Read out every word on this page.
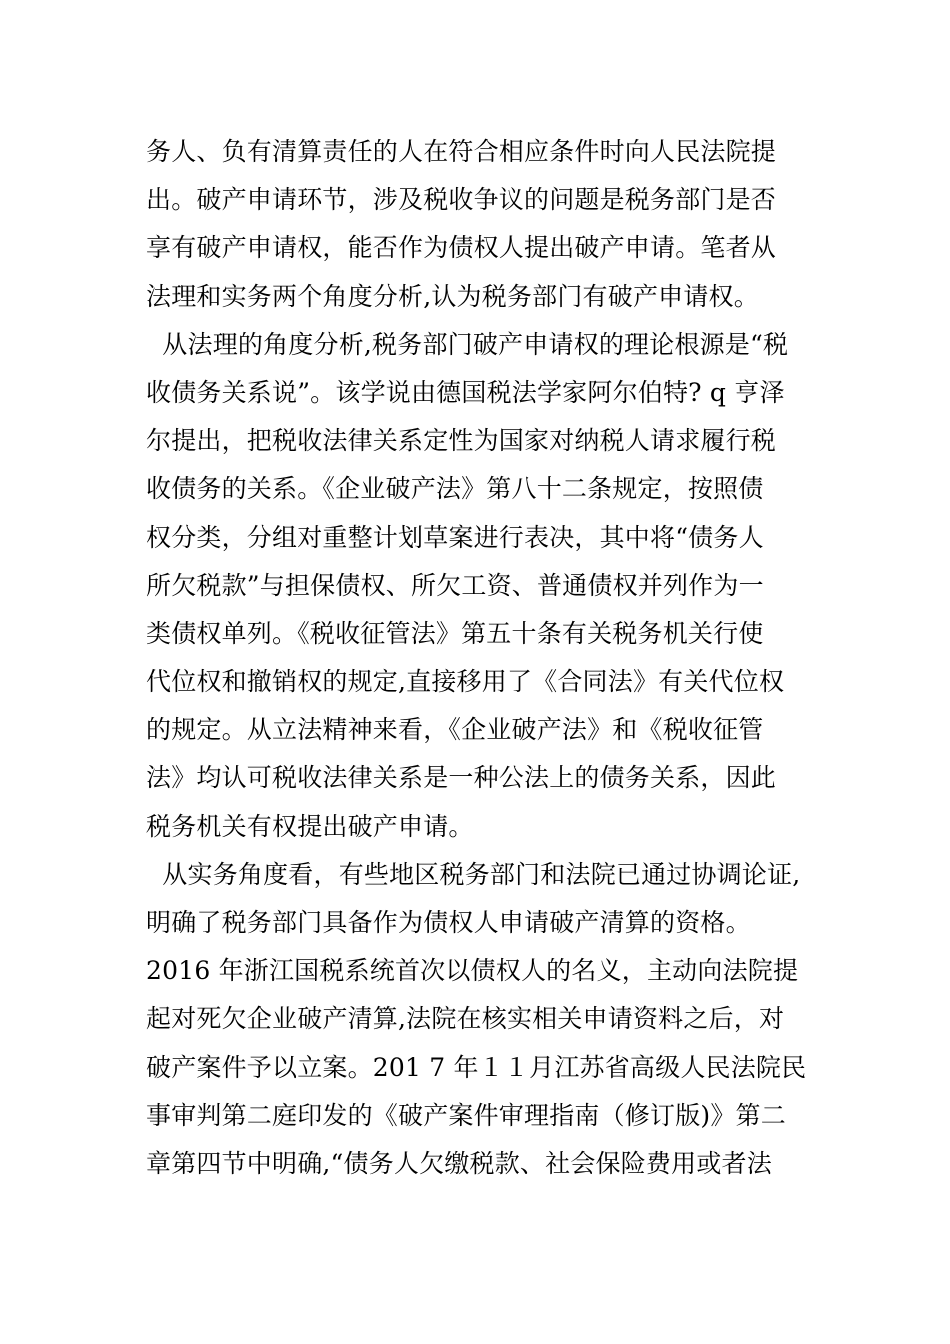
务人、负有清算责任的人在符合相应条件时向人民法院提
出。破产申请环节，涉及税收争议的问题是税务部门是否
享有破产申请权，能否作为债权人提出破产申请。笔者从
法理和实务两个角度分析,认为税务部门有破产申请权。
从法理的角度分析,税务部门破产申请权的理论根源是“税
收债务关系说”。该学说由德国税法学家阿尔伯特? q 亨泽
尔提出，把税收法律关系定性为国家对纳税人请求履行税
收债务的关系。《企业破产法》第八十二条规定，按照债
权分类，分组对重整计划草案进行表决，其中将“债务人
所欠税款”与担保债权、所欠工资、普通债权并列作为一
类债权单列。《税收征管法》第五十条有关税务机关行使
代位权和撤销权的规定,直接移用了《合同法》有关代位权
的规定。从立法精神来看，《企业破产法》和《税收征管
法》均认可税收法律关系是一种公法上的债务关系，因此
税务机关有权提出破产申请。
从实务角度看，有些地区税务部门和法院已通过协调论证,
明确了税务部门具备作为债权人申请破产清算的资格。
2016 年浙江国税系统首次以债权人的名义，主动向法院提
起对死欠企业破产清算,法院在核实相关申请资料之后，对
破产案件予以立案。201 7 年１１月江苏省高级人民法院民
事审判第二庭印发的《破产案件审理指南（修订版)》第二
章第四节中明确,“债务人欠缴税款、社会保险费用或者法
